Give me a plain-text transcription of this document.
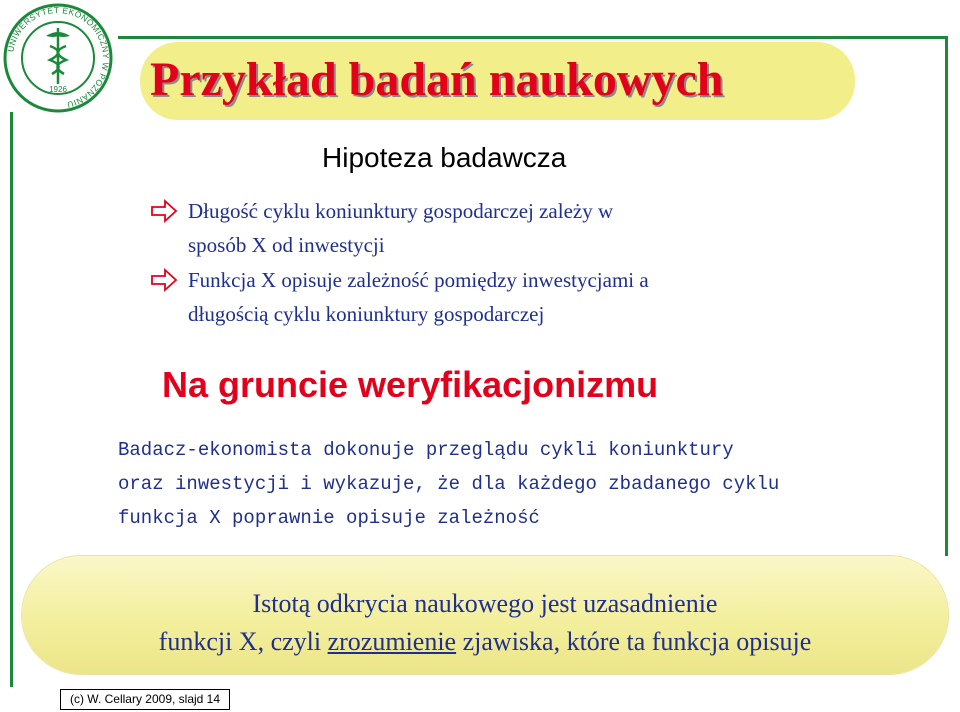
UNIWERSYTET EKONOMICZNY W POZNANIU
1926 Przykład badań naukowych
Hipoteza badawcza
Długość cyklu koniunktury gospodarczej zależy w
sposób X od inwestycji
Funkcja X opisuje zależność pomiędzy inwestycjami a
długością cyklu koniunktury gospodarczej
Na gruncie weryfikacjonizmu
Badacz-ekonomista dokonuje przeglądu cykli koniunktury
oraz inwestycji i wykazuje, że dla każdego zbadanego cyklu
funkcja X poprawnie opisuje zależność
Istotą odkrycia naukowego jest uzasadnienie
funkcji X, czyli zrozumienie zjawiska, które ta funkcja opisuje
(c) W. Cellary 2009, slajd 14
